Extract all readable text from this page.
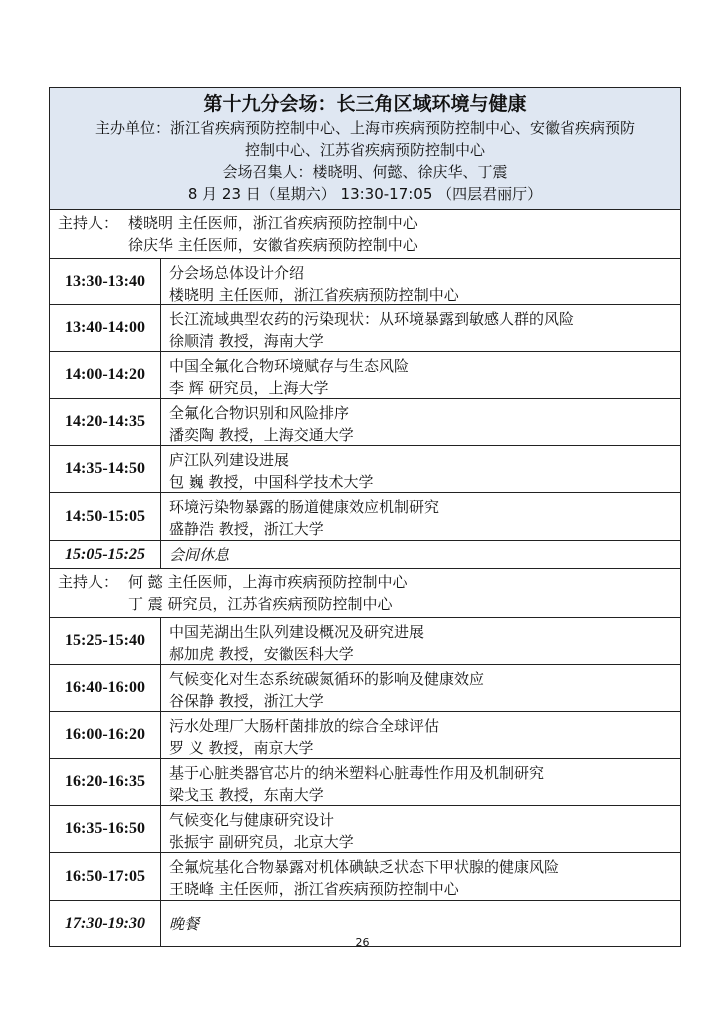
第十九分会场：长三角区域环境与健康
主办单位：浙江省疾病预防控制中心、上海市疾病预防控制中心、安徽省疾病预防
控制中心、江苏省疾病预防控制中心
会场召集人：楼晓明、何懿、徐庆华、丁震
8 月 23 日（星期六） 13:30-17:05 （四层君丽厅）
主持人： 楼晓明 主任医师，浙江省疾病预防控制中心
徐庆华 主任医师，安徽省疾病预防控制中心
13:30-13:40	分会场总体设计介绍
楼晓明 主任医师，浙江省疾病预防控制中心
13:40-14:00	长江流域典型农药的污染现状：从环境暴露到敏感人群的风险
徐顺清 教授，海南大学
14:00-14:20	中国全氟化合物环境赋存与生态风险
李 辉 研究员，上海大学
14:20-14:35	全氟化合物识别和风险排序
潘奕陶 教授，上海交通大学
14:35-14:50	庐江队列建设进展
包 巍 教授，中国科学技术大学
14:50-15:05	环境污染物暴露的肠道健康效应机制研究
盛静浩 教授，浙江大学
15:05-15:25	会间休息
主持人： 何 懿 主任医师，上海市疾病预防控制中心
丁 震 研究员，江苏省疾病预防控制中心
15:25-15:40	中国芜湖出生队列建设概况及研究进展
郝加虎 教授，安徽医科大学
16:40-16:00	气候变化对生态系统碳氮循环的影响及健康效应
谷保静 教授，浙江大学
16:00-16:20	污水处理厂大肠杆菌排放的综合全球评估
罗 义 教授，南京大学
16:20-16:35	基于心脏类器官芯片的纳米塑料心脏毒性作用及机制研究
梁戈玉 教授，东南大学
16:35-16:50	气候变化与健康研究设计
张振宇 副研究员，北京大学
16:50-17:05	全氟烷基化合物暴露对机体碘缺乏状态下甲状腺的健康风险
王晓峰 主任医师，浙江省疾病预防控制中心
17:30-19:30	晚餐
26
